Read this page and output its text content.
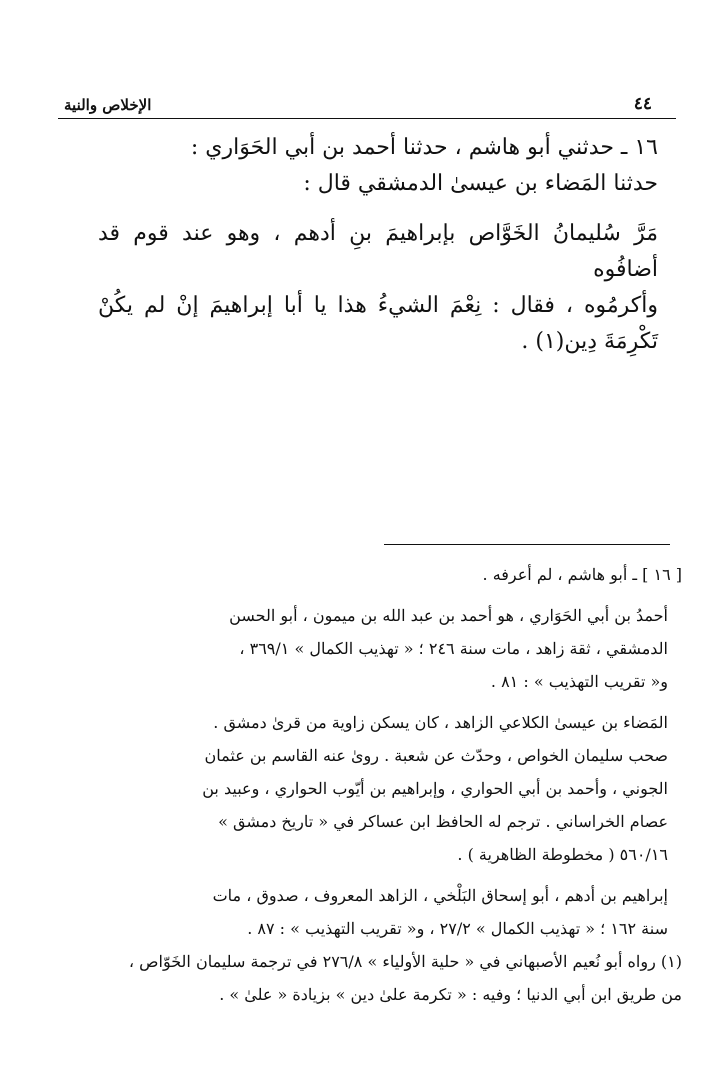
الإخلاص والنية	٤٤

١٦ ـ حدثني أبو هاشم ، حدثنا أحمد بن أبي الحَوَاري :

حدثنا المَضاء بن عيسىٰ الدمشقي قال :

مَرَّ سُليمانُ الخَوَّاص بإبراهيمَ بنِ أدهم ، وهو عند قوم قد أضافُوه

وأكرمُوه ، فقال : نِعْمَ الشيءُ هذا يا أبا إبراهيمَ إنْ لم يكُنْ تَكْرِمَةَ دِين(١) .

[ ١٦ ] ـ أبو هاشم ، لم أعرفه .

أحمدُ بن أبي الحَوَاري ، هو أحمد بن عبد الله بن ميمون ، أبو الحسن

الدمشقي ، ثقة زاهد ، مات سنة ٢٤٦ ؛ « تهذيب الكمال » ٣٦٩/١ ،

و« تقريب التهذيب » : ٨١ .

المَضاء بن عيسىٰ الكلاعي الزاهد ، كان يسكن زاوية من قرىٰ دمشق .

صحب سليمان الخواص ، وحدّث عن شعبة . روىٰ عنه القاسم بن عثمان

الجوني ، وأحمد بن أبي الحواري ، وإبراهيم بن أيّوب الحواري ، وعبيد بن

عصام الخراساني . ترجم له الحافظ ابن عساكر في « تاريخ دمشق »

٥٦٠/١٦ ( مخطوطة الظاهرية ) .

إبراهيم بن أدهم ، أبو إسحاق البَلْخي ، الزاهد المعروف ، صدوق ، مات

سنة ١٦٢ ؛ « تهذيب الكمال » ٢٧/٢ ، و« تقريب التهذيب » : ٨٧ .

(١) رواه أبو نُعيم الأصبهاني في « حلية الأولياء » ٢٧٦/٨ في ترجمة سليمان الخَوّاص ،

من طريق ابن أبي الدنيا ؛ وفيه : « تكرمة علىٰ دين » بزيادة « علىٰ » .
